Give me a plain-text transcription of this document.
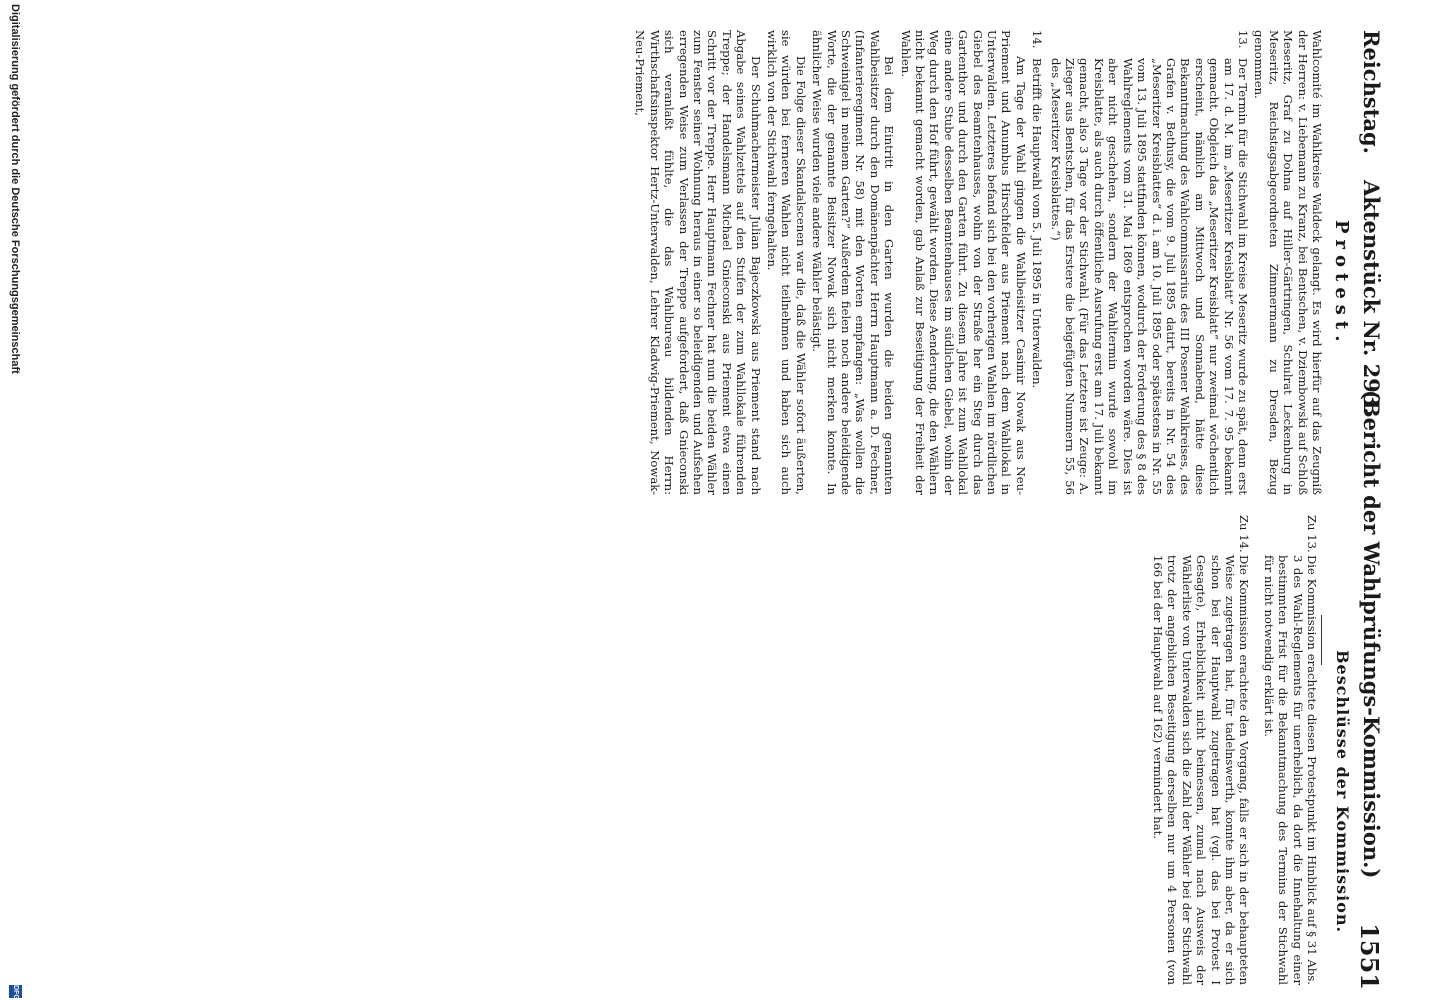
Reichstag.
Aktenstück Nr. 293.
(Bericht der Wahlprüfungs-Kommission.)
1551
Protest.
Beschlüsse der Kommission.

Wahlcomité im Wahlkreise Waldeck gelangt. Es wird hierfür auf das Zeugniß der Herren: v. Liebemann zu Kranz, bei Bentschen, v. Dziembowski auf Schloß Meseritz, Graf zu Dohna auf Hiller-Gärtringen, Schulrat Leckenburg in Meseritz, Reichstagsabgeordneten Zimmermann zu Dresden, Bezug genommen.

13.

Der Termin für die Stichwahl im Kreise Meseritz wurde zu spät, denn erst am 17. d. M. im „Meseritzer Kreisblatt“ Nr. 56 vom 17. 7. 95 bekannt gemacht. Obgleich das „Meseritzer Kreisblatt“ nur zweimal wöchentlich erscheint, nämlich am Mittwoch und Sonnabend, hätte diese Bekanntmachung des Wahlcommissarius des III Posener Wahlkreises, des Grafen v. Bethusy, die vom 9. Juli 1895 datirt, bereits in Nr. 54 des „Meseritzer Kreisblattes“ d. i. am 10. Juli 1895 oder spätestens in Nr. 55 vom 13. Juli 1895 stattfinden können, wodurch der Forderung des § 8 des Wahlreglements vom 31. Mai 1869 entsprochen worden wäre. Dies ist aber nicht geschehen, sondern der Wahltermin wurde sowohl im Kreisblatte, als auch durch öffentliche Ausrufung erst am 17. Juli bekannt gemacht, also 3 Tage vor der Stichwahl. (Für das Letztere ist Zeuge: A. Zieger aus Bentschen, für das Erstere die beigefügten Nummern 55, 56 des „Meseritzer Kreisblattes.“)

14.

Betrifft die Hauptwahl vom 5. Juli 1895 in Unterwalden.

Am Tage der Wahl gingen die Wahlbeisitzer Casimir Nowak aus Neu-Priement und Anumbus Hirschfelder aus Priement nach dem Wahllokal in Unterwalden. Letzteres befand sich bei den vorherigen Wahlen im nördlichen Giebel des Beamtenhauses, wohin von der Straße her ein Steg durch das Gartenthor und durch den Garten führt. Zu diesem Jahre ist zum Wahllokal eine andere Stube desselben Beamtenhauses im südlichen Giebel, wohin der Weg durch den Hof führt, gewählt worden. Diese Aenderung, die den Wählern nicht bekannt gemacht worden, gab Anlaß zur Beseitigung der Freiheit der Wahlen.

Bei dem Eintritt in den Garten wurden die beiden genannten Wahlbeisitzer durch den Domänenpächter Herrn Hauptmann a. D. Fechner, (Infanterieregiment Nr. 58) mit den Worten empfangen: „Was wollen die Schweinigel in meinem Garten?“ Außerdem fielen noch andere beleidigende Worte, die der genannte Beisitzer Nowak sich nicht merken konnte. In ähnlicher Weise wurden viele andere Wähler belästigt.

Die Folge dieser Skandalscenen war die, daß die Wähler sofort äußerten, sie würden bei ferneren Wahlen nicht teilnehmen und haben sich auch wirklich von der Stichwahl ferngehalten.

Der Schuhmachermeister Julian Bajeczkowski aus Priement stand nach Abgabe seines Wahlzettels auf den Stufen der zum Wahllokale führenden Treppe; der Handelsmann Michael Gnieconski aus Priement etwa einen Schritt vor der Treppe. Herr Hauptmann Fechner hat nun die beiden Wähler zum Fenster seiner Wohnung heraus in einer so beleidigenden und Aufsehen erregenden Weise zum Verlassen der Treppe aufgefordert, daß Gnieconski sich veranlaßt fühlte, die das Wahlbureau bildenden Herrn: Wirthschaftsinspektor Hertz-Unterwalden, Lehrer Kladwig-Priement, Nowak-Neu-Priement,

Zu 13.

Die Kommission erachtete diesen Protestpunkt im Hinblick auf § 31 Abs. 3 des Wahl-Reglements für unerheblich, da dort die Innehaltung einer bestimmten Frist für die Bekanntmachung des Termins der Stichwahl für nicht notwendig erklärt ist.

Zu 14.

Die Kommission erachtete den Vorgang, falls er sich in der behaupteten Weise zugetragen hat, für tadelnswerth, konnte ihm aber, da er sich schon bei der Hauptwahl zugetragen hat (vgl. das bei Protest I Gesagte), Erheblichkeit nicht beimessen, zumal nach Ausweis der Wählerliste von Unterwalden sich die Zahl der Wähler bei der Stichwahl trotz der angeblichen Beseitigung derselben nur um 4 Personen (von 166 bei der Hauptwahl auf 162) vermindert hat.

Digitalisierung gefördert durch die Deutsche Forschungsgemeinschaft
DFG
